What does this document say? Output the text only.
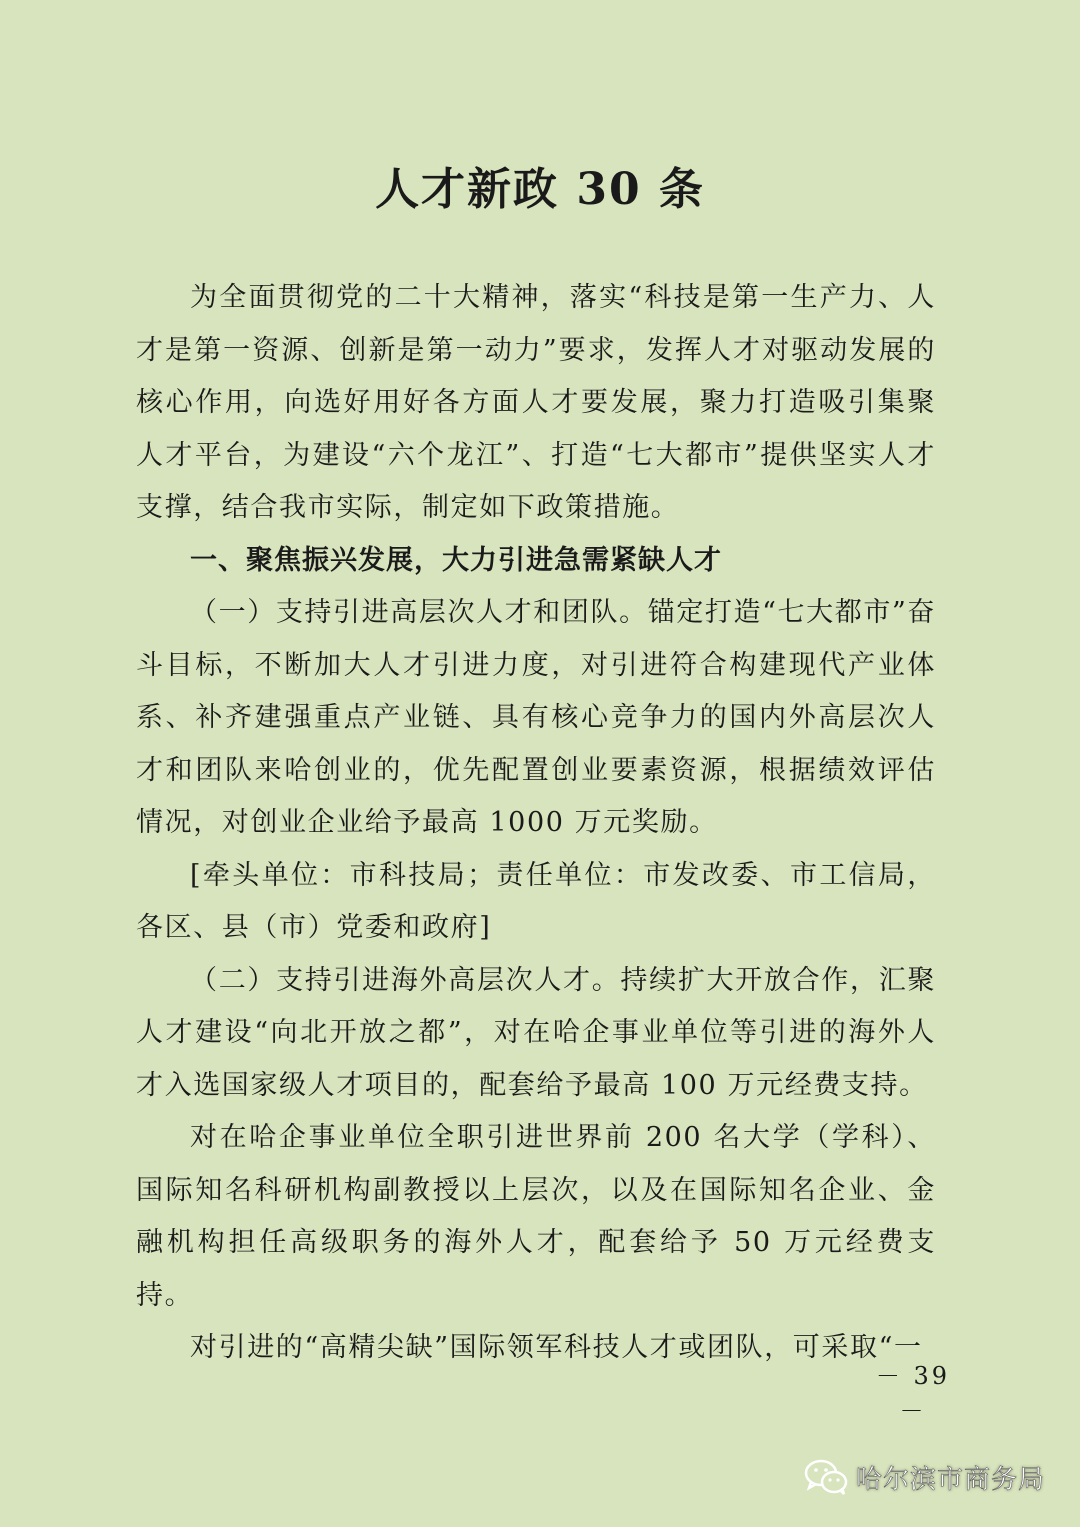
人才新政 30 条

为全面贯彻党的二十大精神，落实“科技是第一生产力、人才是第一资源、创新是第一动力”要求，发挥人才对驱动发展的核心作用，向选好用好各方面人才要发展，聚力打造吸引集聚人才平台，为建设“六个龙江”、打造“七大都市”提供坚实人才支撑，结合我市实际，制定如下政策措施。

一、聚焦振兴发展，大力引进急需紧缺人才

（一）支持引进高层次人才和团队。锚定打造“七大都市”奋斗目标，不断加大人才引进力度，对引进符合构建现代产业体系、补齐建强重点产业链、具有核心竞争力的国内外高层次人才和团队来哈创业的，优先配置创业要素资源，根据绩效评估情况，对创业企业给予最高 1000 万元奖励。

[牵头单位：市科技局；责任单位：市发改委、市工信局，各区、县（市）党委和政府]

（二）支持引进海外高层次人才。持续扩大开放合作，汇聚人才建设“向北开放之都”，对在哈企事业单位等引进的海外人才入选国家级人才项目的，配套给予最高 100 万元经费支持。

对在哈企事业单位全职引进世界前 200 名大学（学科）、国际知名科研机构副教授以上层次，以及在国际知名企业、金融机构担任高级职务的海外人才，配套给予 50 万元经费支持。

对引进的“高精尖缺”国际领军科技人才或团队，可采取“一

－ 39 －
哈尔滨市商务局
